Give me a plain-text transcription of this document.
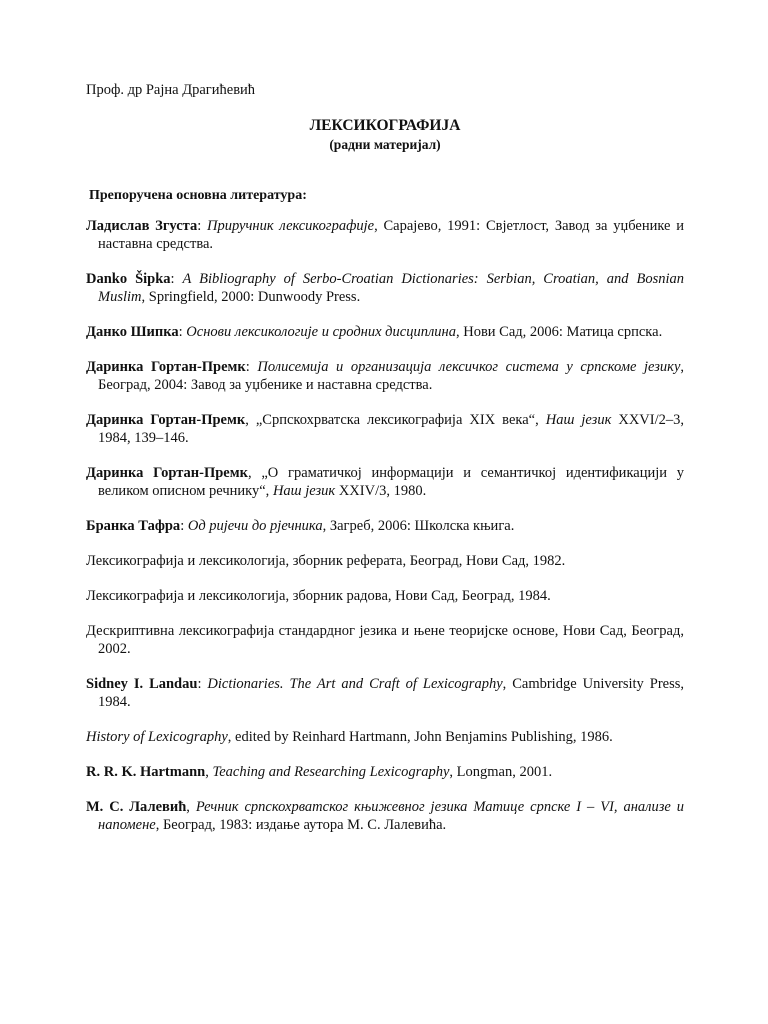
Проф. др Рајна Драгићевић

ЛЕКСИКОГРАФИЈА

(радни материјал)

Препоручена основна литература:

Ладислав Згуста: Приручник лексикографије, Сарајево, 1991: Свјетлост, Завод за уџбенике и наставна средства.

Danko Šipka: A Bibliography of Serbo-Croatian Dictionaries: Serbian, Croatian, and Bosnian Muslim, Springfield, 2000: Dunwoody Press.

Данко Шипка: Основи лексикологије и сродних дисциплина, Нови Сад, 2006: Матица српска.

Даринка Гортан-Премк: Полисемија и организација лексичког система у српскоме језику, Београд, 2004: Завод за уџбенике и наставна средства.

Даринка Гортан-Премк, „Српскохрватска лексикографија XIX века“, Наш језик XXVI/2–3, 1984, 139–146.

Даринка Гортан-Премк, „О граматичкој информацији и семантичкој идентификацији у великом описном речнику“, Наш језик XXIV/3, 1980.

Бранка Тафра: Од ријечи до рјечника, Загреб, 2006: Школска књига.

Лексикографија и лексикологија, зборник реферата, Београд, Нови Сад, 1982.

Лексикографија и лексикологија, зборник радова, Нови Сад, Београд, 1984.

Дескриптивна лексикографија стандардног језика и њене теоријске основе, Нови Сад, Београд, 2002.

Sidney I. Landau: Dictionaries. The Art and Craft of Lexicography, Cambridge University Press, 1984.

History of Lexicography, edited by Reinhard Hartmann, John Benjamins Publishing, 1986.

R. R. K. Hartmann, Teaching and Researching Lexicography, Longman, 2001.

М. С. Лалевић, Речник српскохрватског књижевног језика Матице српске I – VI, анализе и напомене, Београд, 1983: издање аутора М. С. Лалевића.
